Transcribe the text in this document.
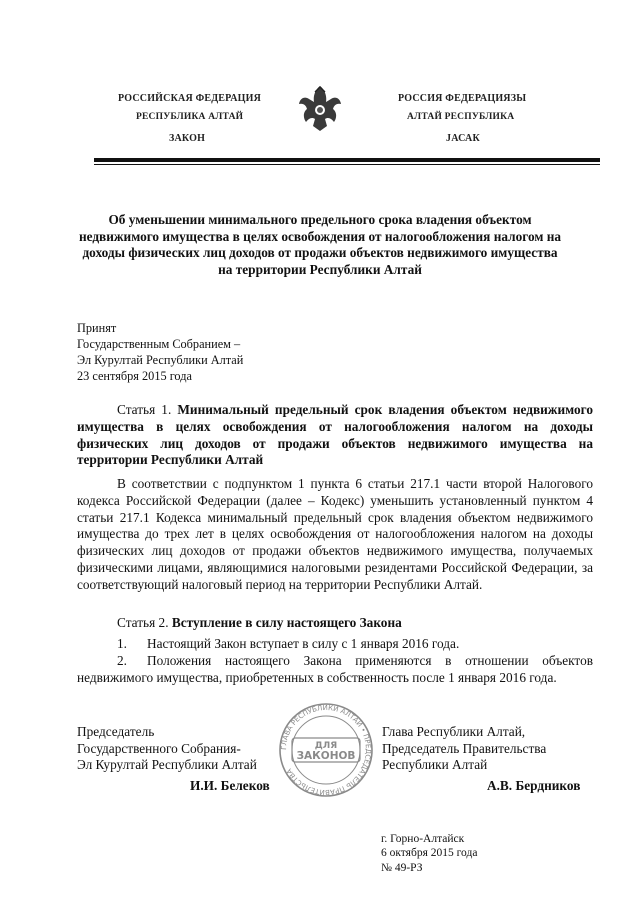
РОССИЙСКАЯ ФЕДЕРАЦИЯ
РЕСПУБЛИКА АЛТАЙ
ЗАКОН
РОССИЯ ФЕДЕРАЦИЯЗЫ
АЛТАЙ РЕСПУБЛИКА
JАСАК
Об уменьшении минимального предельного срока владения объектом недвижимого имущества в целях освобождения от налогообложения налогом на доходы физических лиц доходов от продажи объектов недвижимого имущества на территории Республики Алтай
Принят
Государственным Собранием –
Эл Курултай Республики Алтай
23 сентября 2015 года
Статья 1. Минимальный предельный срок владения объектом недвижимого имущества в целях освобождения от налогообложения налогом на доходы физических лиц доходов от продажи объектов недвижимого имущества на территории Республики Алтай
В соответствии с подпунктом 1 пункта 6 статьи 217.1 части второй Налогового кодекса Российской Федерации (далее – Кодекс) уменьшить установленный пунктом 4 статьи 217.1 Кодекса минимальный предельный срок владения объектом недвижимого имущества до трех лет в целях освобождения от налогообложения налогом на доходы физических лиц доходов от продажи объектов недвижимого имущества, получаемых физическими лицами, являющимися налоговыми резидентами Российской Федерации, за соответствующий налоговый период на территории Республики Алтай.
Статья 2. Вступление в силу настоящего Закона
1. Настоящий Закон вступает в силу с 1 января 2016 года.
2. Положения настоящего Закона применяются в отношении объектов недвижимого имущества, приобретенных в собственность после 1 января 2016 года.
Председатель
Государственного Собрания-
Эл Курултай Республики Алтай
И.И. Белеков
Глава Республики Алтай,
Председатель Правительства
Республики Алтай
А.В. Бердников
ГЛАВА РЕСПУБЛИКИ АЛТАЙ • ПРЕДСЕДАТЕЛЬ ПРАВИТЕЛЬСТВА
ДЛЯ
ЗАКОНОВ
г. Горно-Алтайск
6 октября 2015 года
№ 49-РЗ
